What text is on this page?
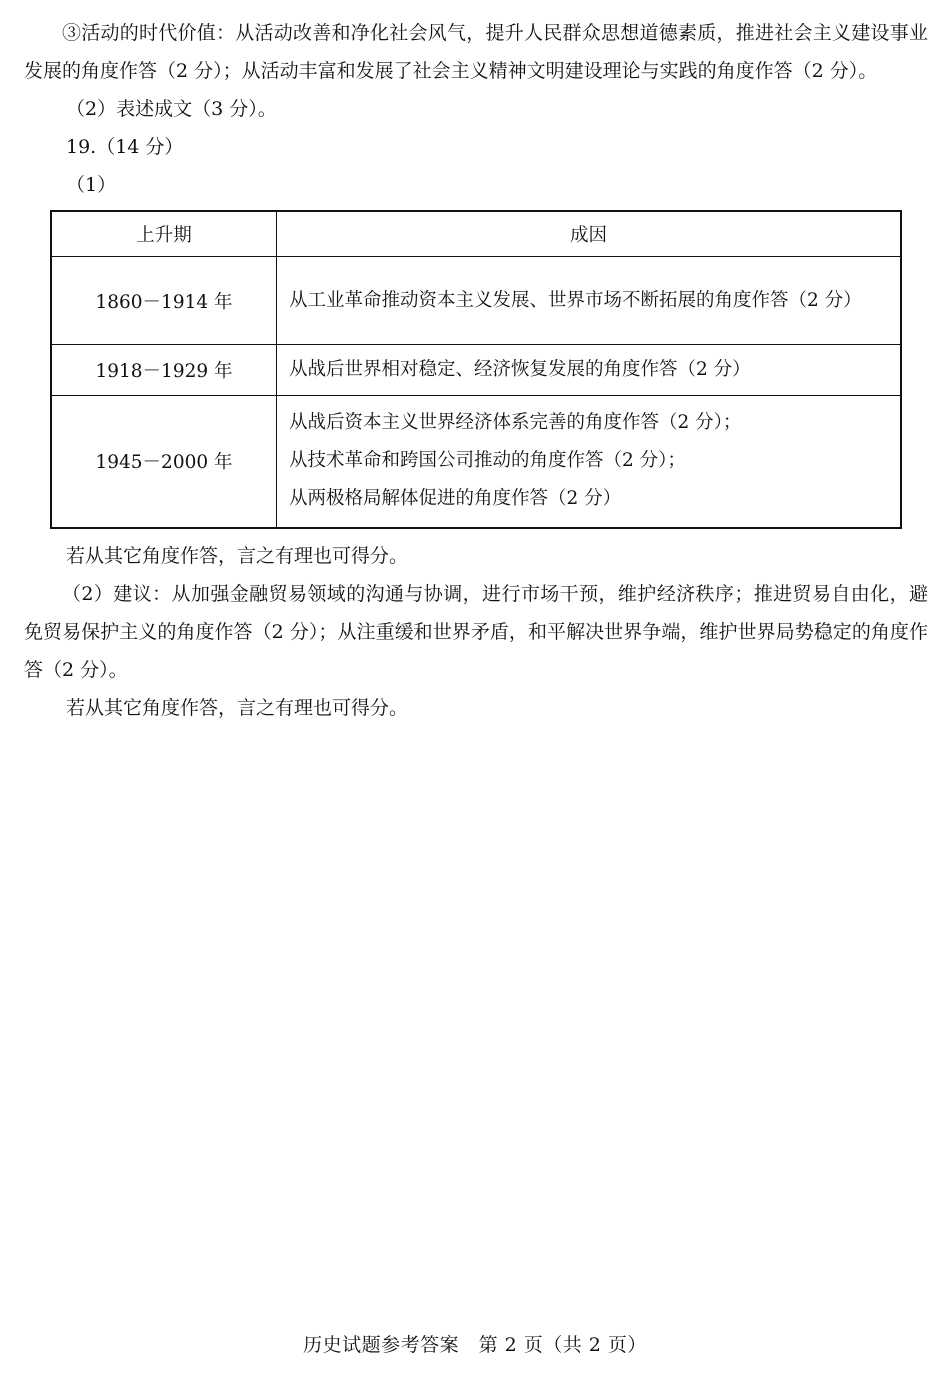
③活动的时代价值：从活动改善和净化社会风气，提升人民群众思想道德素质，推进社会主义建设事业发展的角度作答（2 分）；从活动丰富和发展了社会主义精神文明建设理论与实践的角度作答（2 分）。

（2）表述成文（3 分）。

19.（14 分）

（1）

上升期	成因
1860－1914 年	从工业革命推动资本主义发展、世界市场不断拓展的角度作答（2 分）

1918－1929 年	从战后世界相对稳定、经济恢复发展的角度作答（2 分）

1945－2000 年	从战后资本主义世界经济体系完善的角度作答（2 分）；
从技术革命和跨国公司推动的角度作答（2 分）；
从两极格局解体促进的角度作答（2 分）

若从其它角度作答，言之有理也可得分。

（2）建议：从加强金融贸易领域的沟通与协调，进行市场干预，维护经济秩序；推进贸易自由化，避免贸易保护主义的角度作答（2 分）；从注重缓和世界矛盾，和平解决世界争端，维护世界局势稳定的角度作答（2 分）。

若从其它角度作答，言之有理也可得分。

历史试题参考答案　第 2 页（共 2 页）
